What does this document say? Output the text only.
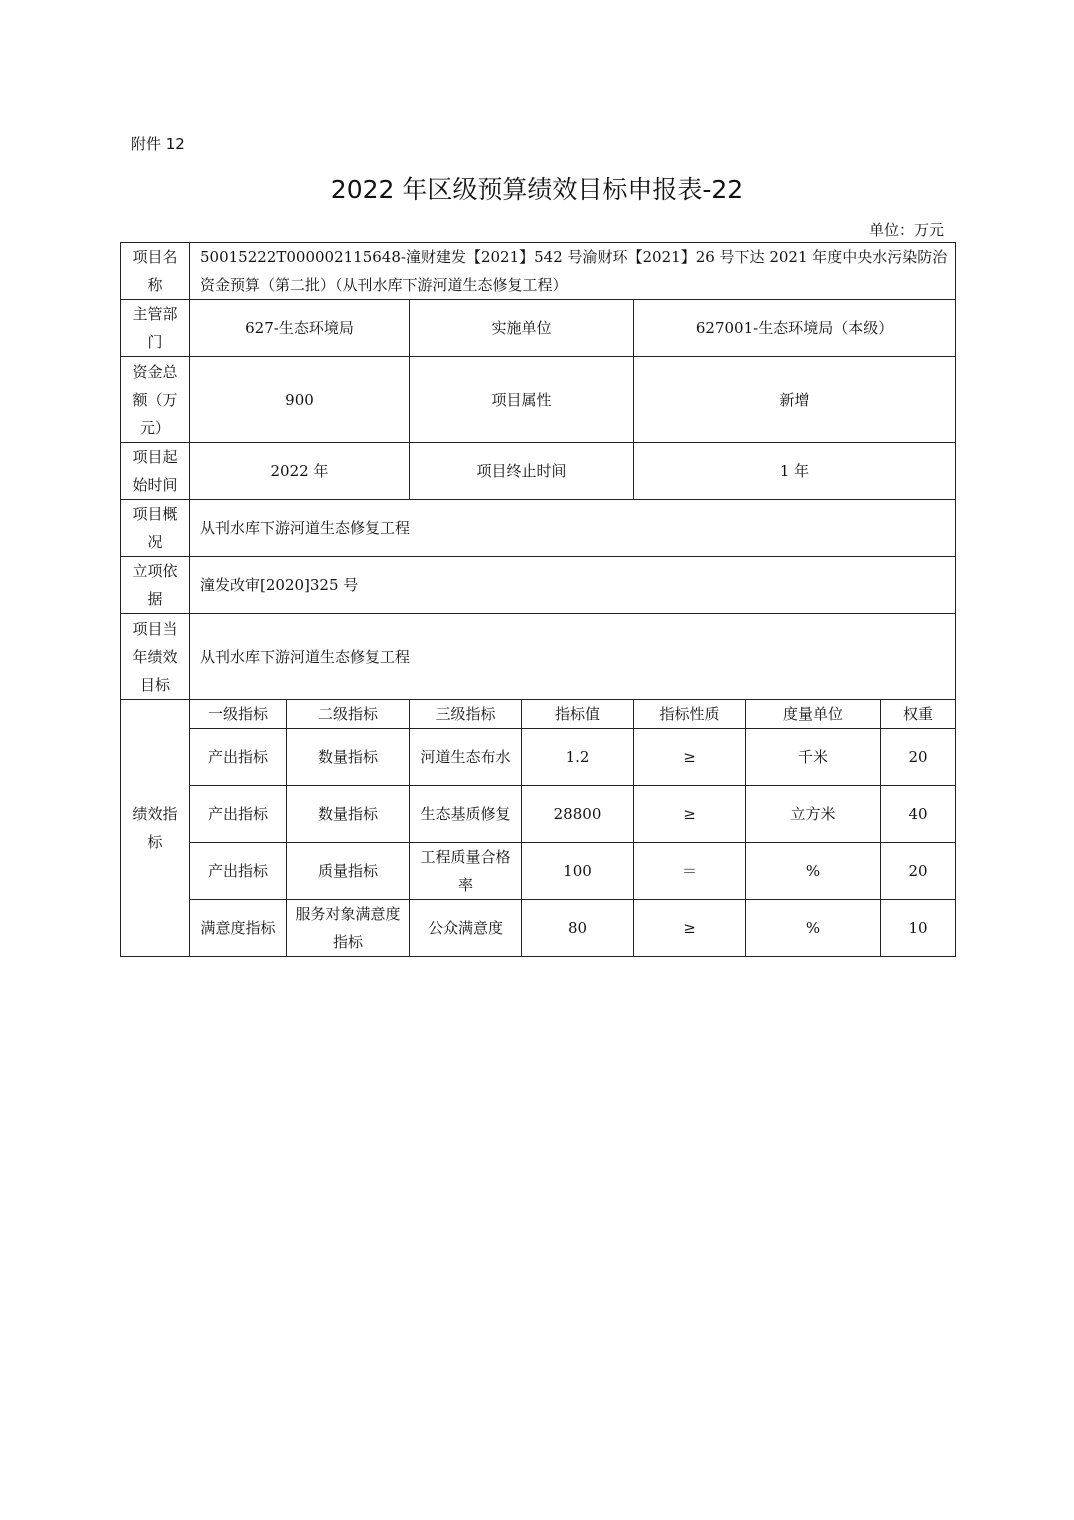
附件 12
2022 年区级预算绩效目标申报表-22
单位：万元
项目名称	50015222T000002115648-潼财建发【2021】542 号渝财环【2021】26 号下达 2021 年度中央水污染防治资金预算（第二批）（从刊水库下游河道生态修复工程）						
主管部门	627-生态环境局		实施单位		627001-生态环境局（本级）		
资金总额（万元）	900		项目属性		新增		
项目起始时间	2022 年		项目终止时间		1 年		
项目概况	从刊水库下游河道生态修复工程						
立项依据	潼发改审[2020]325 号						
项目当年绩效目标	从刊水库下游河道生态修复工程						
绩效指标	一级指标	二级指标	三级指标	指标值	指标性质	度量单位	权重
	产出指标	数量指标	河道生态布水	1.2	≥	千米	20
	产出指标	数量指标	生态基质修复	28800	≥	立方米	40
	产出指标	质量指标	工程质量合格率	100	＝	%	20
	满意度指标	服务对象满意度指标	公众满意度	80	≥	%	10
